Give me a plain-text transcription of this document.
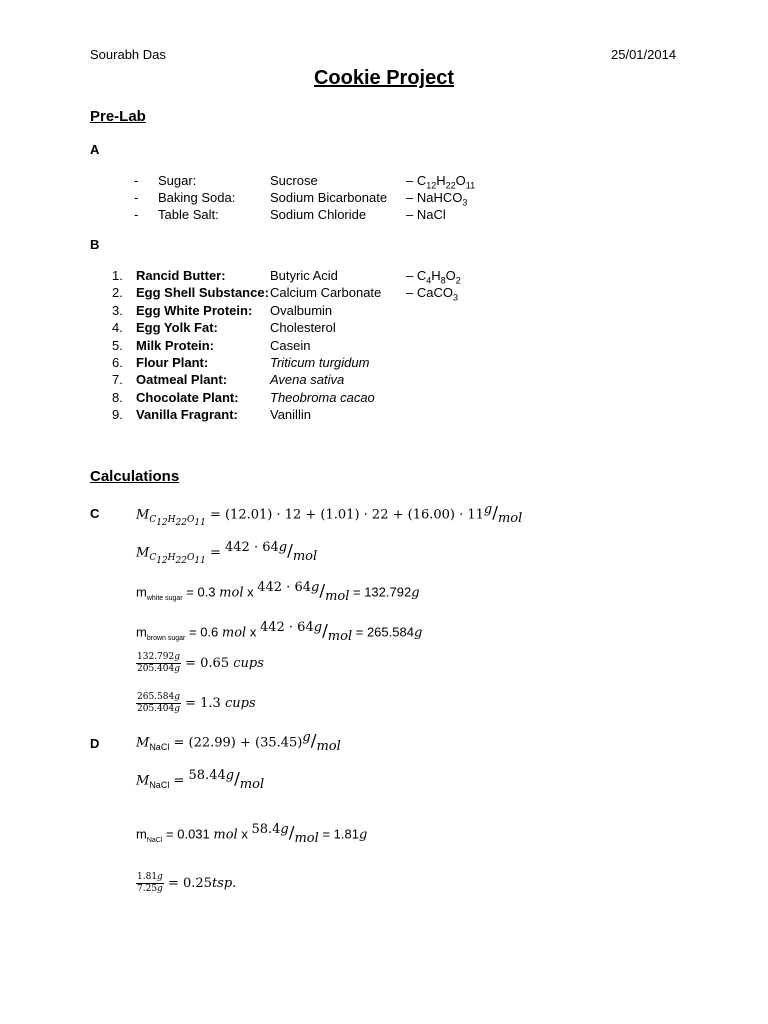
Sourabh Das	25/01/2014
Cookie Project
Pre-Lab
A
- Sugar:	Sucrose	– $C_{12}H_{22}O_{11}$
- Baking Soda:	Sodium Bicarbonate – NaHCO$_3$
- Table Salt:	Sodium Chloride	– NaCl
B
1. Rancid Butter:	Butyric Acid	– $C_4H_8O_2$
2. Egg Shell Substance: Calcium Carbonate – CaCO$_3$
3. Egg White Protein: Ovalbumin
4. Egg Yolk Fat:	Cholesterol
5. Milk Protein:	Casein
6. Flour Plant:	Triticum turgidum
7. Oatmeal Plant:	Avena sativa
8. Chocolate Plant: Theobroma cacao
9. Vanilla Fragrant: Vanillin
Calculations
C	$M_{C_{12}H_{22}O_{11}} = (12.01) \cdot 12 + (1.01) \cdot 22 + (16.00) \cdot 11^g/_{mol}$
$M_{C_{12}H_{22}O_{11}} = ^{442 \cdot 64g}/_{mol}$
$m_{white sugar} = 0.3$ mol x $^{442 \cdot 64g}/_{mol} = 132.792g$
$m_{brown sugar} = 0.6$ mol x $^{442 \cdot 64g}/_{mol} = 265.584g$
$\frac{132.792g}{205.404g} = 0.65$ cups
$\frac{265.584g}{205.404g} = 1.3$ cups
D	$M_{NaCl} = (22.99) + (35.45)^g/_{mol}$
$M_{NaCl} = ^{58.44g}/_{mol}$
$m_{NaCl} = 0.031$ mol x $^{58.4g}/_{mol} = 1.81g$
$\frac{1.81g}{7.25g} = 0.25tsp$.
